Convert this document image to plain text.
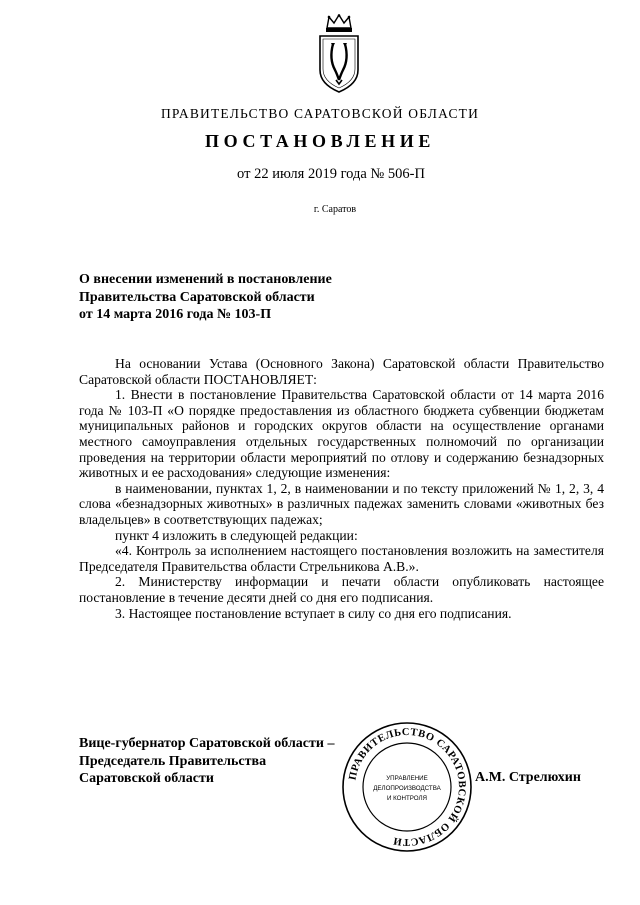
ПРАВИТЕЛЬСТВО САРАТОВСКОЙ ОБЛАСТИ
ПОСТАНОВЛЕНИЕ
от 22 июля 2019 года № 506-П
г. Саратов
О внесении изменений в постановление
Правительства Саратовской области
от 14 марта 2016 года № 103-П

На основании Устава (Основного Закона) Саратовской области Правительство Саратовской области ПОСТАНОВЛЯЕТ:

1. Внести в постановление Правительства Саратовской области от 14 марта 2016 года № 103-П «О порядке предоставления из областного бюджета субвенции бюджетам муниципальных районов и городских округов области на осуществление органами местного самоуправления отдельных государственных полномочий по организации проведения на территории области мероприятий по отлову и содержанию безнадзорных животных и ее расходования» следующие изменения:

в наименовании, пунктах 1, 2, в наименовании и по тексту приложений № 1, 2, 3, 4 слова «безнадзорных животных» в различных падежах заменить словами «животных без владельцев» в соответствующих падежах;

пункт 4 изложить в следующей редакции:

«4. Контроль за исполнением настоящего постановления возложить на заместителя Председателя Правительства области Стрельникова А.В.».

2. Министерству информации и печати области опубликовать настоящее постановление в течение десяти дней со дня его подписания.

3. Настоящее постановление вступает в силу со дня его подписания.

Вице-губернатор Саратовской области –
Председатель Правительства
Саратовской области	ПРАВИТЕЛЬСТВО САРАТОВСКОЙ ОБЛАСТИ
УПРАВЛЕНИЕ
ДЕЛОПРОИЗВОДСТВА
И КОНТРОЛЯ
А.М. Стрелюхин
